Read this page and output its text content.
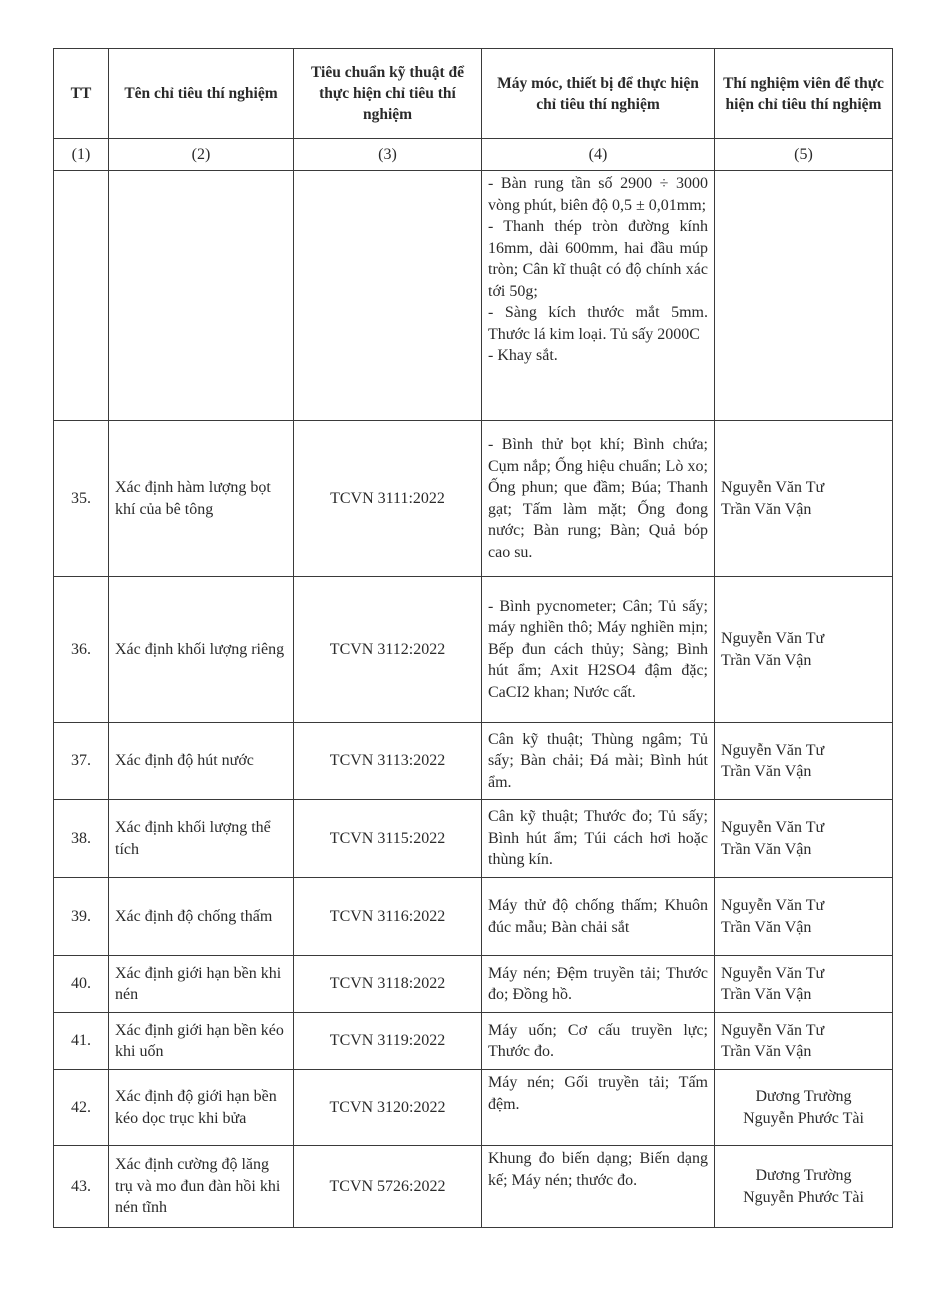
TT	Tên chỉ tiêu thí nghiệm	Tiêu chuẩn kỹ thuật để thực hiện chỉ tiêu thí nghiệm	Máy móc, thiết bị để thực hiện chỉ tiêu thí nghiệm	Thí nghiệm viên để thực hiện chỉ tiêu thí nghiệm
(1)	(2)	(3)	(4)	(5)

			- Bàn rung tần số 2900 ÷ 3000 vòng phút, biên độ 0,5 ± 0,01mm;
- Thanh thép tròn đường kính 16mm, dài 600mm, hai đầu múp tròn; Cân kĩ thuật có độ chính xác tới 50g;
- Sàng kích thước mắt 5mm. Thước lá kim loại. Tủ sấy 2000C
- Khay sắt.	

35.	Xác định hàm lượng bọt khí của bê tông	TCVN 3111:2022	- Bình thử bọt khí; Bình chứa; Cụm nắp; Ống hiệu chuẩn; Lò xo; Ống phun; que đầm; Búa; Thanh gạt; Tấm làm mặt; Ống đong nước; Bàn rung; Bàn; Quả bóp cao su.	Nguyễn Văn Tư
Trần Văn Vận

36.	Xác định khối lượng riêng	TCVN 3112:2022	- Bình pycnometer; Cân; Tủ sấy; máy nghiền thô; Máy nghiền mịn; Bếp đun cách thủy; Sàng; Bình hút ẩm; Axit H2SO4 đậm đặc; CaCI2 khan; Nước cất.	Nguyễn Văn Tư
Trần Văn Vận

37.	Xác định độ hút nước	TCVN 3113:2022	Cân kỹ thuật; Thùng ngâm; Tủ sấy; Bàn chải; Đá mài; Bình hút ẩm.	Nguyễn Văn Tư
Trần Văn Vận

38.	Xác định khối lượng thể tích	TCVN 3115:2022	Cân kỹ thuật; Thước đo; Tủ sấy; Bình hút ẩm; Túi cách hơi hoặc thùng kín.	Nguyễn Văn Tư
Trần Văn Vận

39.	Xác định độ chống thấm	TCVN 3116:2022	Máy thử độ chống thấm; Khuôn đúc mẫu; Bàn chải sắt	Nguyễn Văn Tư
Trần Văn Vận

40.	Xác định giới hạn bền khi nén	TCVN 3118:2022	Máy nén; Đệm truyền tải; Thước đo; Đồng hồ.	Nguyễn Văn Tư
Trần Văn Vận

41.	Xác định giới hạn bền kéo khi uốn	TCVN 3119:2022	Máy uốn; Cơ cấu truyền lực; Thước đo.	Nguyễn Văn Tư
Trần Văn Vận

42.	Xác định độ giới hạn bền kéo dọc trục khi bửa	TCVN 3120:2022	Máy nén; Gối truyền tải; Tấm đệm.	Dương Trường
Nguyễn Phước Tài

43.	Xác định cường độ lăng trụ và mo đun đàn hồi khi nén tĩnh	TCVN 5726:2022	Khung đo biến dạng; Biến dạng kế; Máy nén; thước đo.	Dương Trường
Nguyễn Phước Tài
